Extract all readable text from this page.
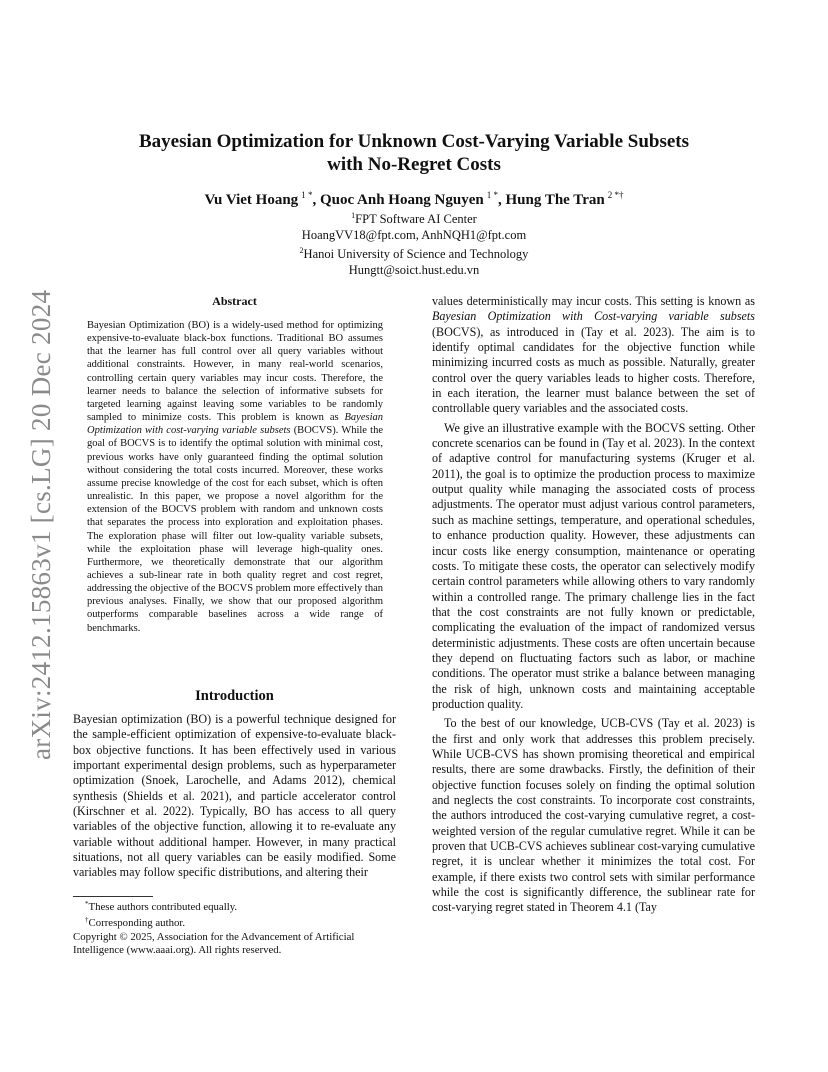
arXiv:2412.15863v1 [cs.LG] 20 Dec 2024
Bayesian Optimization for Unknown Cost-Varying Variable Subsets
with No-Regret Costs
Vu Viet Hoang $^{1 *}$, Quoc Anh Hoang Nguyen $^{1 *}$, Hung The Tran $^{2 *\dagger}$
$^1$FPT Software AI Center
HoangVV18@fpt.com, AnhNQH1@fpt.com
$^2$Hanoi University of Science and Technology
Hungtt@soict.hust.edu.vn
Abstract
Bayesian Optimization (BO) is a widely-used method for optimizing expensive-to-evaluate black-box functions. Traditional BO assumes that the learner has full control over all query variables without additional constraints. However, in many real-world scenarios, controlling certain query variables may incur costs. Therefore, the learner needs to balance the selection of informative subsets for targeted learning against leaving some variables to be randomly sampled to minimize costs. This problem is known as Bayesian Optimization with cost-varying variable subsets (BOCVS). While the goal of BOCVS is to identify the optimal solution with minimal cost, previous works have only guaranteed finding the optimal solution without considering the total costs incurred. Moreover, these works assume precise knowledge of the cost for each subset, which is often unrealistic. In this paper, we propose a novel algorithm for the extension of the BOCVS problem with random and unknown costs that separates the process into exploration and exploitation phases. The exploration phase will filter out low-quality variable subsets, while the exploitation phase will leverage high-quality ones. Furthermore, we theoretically demonstrate that our algorithm achieves a sub-linear rate in both quality regret and cost regret, addressing the objective of the BOCVS problem more effectively than previous analyses. Finally, we show that our proposed algorithm outperforms comparable baselines across a wide range of benchmarks.
Introduction

Bayesian optimization (BO) is a powerful technique designed for the sample-efficient optimization of expensive-to-evaluate black-box objective functions. It has been effectively used in various important experimental design problems, such as hyperparameter optimization (Snoek, Larochelle, and Adams 2012), chemical synthesis (Shields et al. 2021), and particle accelerator control (Kirschner et al. 2022). Typically, BO has access to all query variables of the objective function, allowing it to re-evaluate any variable without additional hamper. However, in many practical situations, not all query variables can be easily modified. Some variables may follow specific distributions, and altering their

*These authors contributed equally.
†Corresponding author.
Copyright © 2025, Association for the Advancement of Artificial Intelligence (www.aaai.org). All rights reserved.

values deterministically may incur costs. This setting is known as Bayesian Optimization with Cost-varying variable subsets (BOCVS), as introduced in (Tay et al. 2023). The aim is to identify optimal candidates for the objective function while minimizing incurred costs as much as possible. Naturally, greater control over the query variables leads to higher costs. Therefore, in each iteration, the learner must balance between the set of controllable query variables and the associated costs.

We give an illustrative example with the BOCVS setting. Other concrete scenarios can be found in (Tay et al. 2023). In the context of adaptive control for manufacturing systems (Kruger et al. 2011), the goal is to optimize the production process to maximize output quality while managing the associated costs of process adjustments. The operator must adjust various control parameters, such as machine settings, temperature, and operational schedules, to enhance production quality. However, these adjustments can incur costs like energy consumption, maintenance or operating costs. To mitigate these costs, the operator can selectively modify certain control parameters while allowing others to vary randomly within a controlled range. The primary challenge lies in the fact that the cost constraints are not fully known or predictable, complicating the evaluation of the impact of randomized versus deterministic adjustments. These costs are often uncertain because they depend on fluctuating factors such as labor, or machine conditions. The operator must strike a balance between managing the risk of high, unknown costs and maintaining acceptable production quality.

To the best of our knowledge, UCB-CVS (Tay et al. 2023) is the first and only work that addresses this problem precisely. While UCB-CVS has shown promising theoretical and empirical results, there are some drawbacks. Firstly, the definition of their objective function focuses solely on finding the optimal solution and neglects the cost constraints. To incorporate cost constraints, the authors introduced the cost-varying cumulative regret, a cost-weighted version of the regular cumulative regret. While it can be proven that UCB-CVS achieves sublinear cost-varying cumulative regret, it is unclear whether it minimizes the total cost. For example, if there exists two control sets with similar performance while the cost is significantly difference, the sublinear rate for cost-varying regret stated in Theorem 4.1 (Tay
